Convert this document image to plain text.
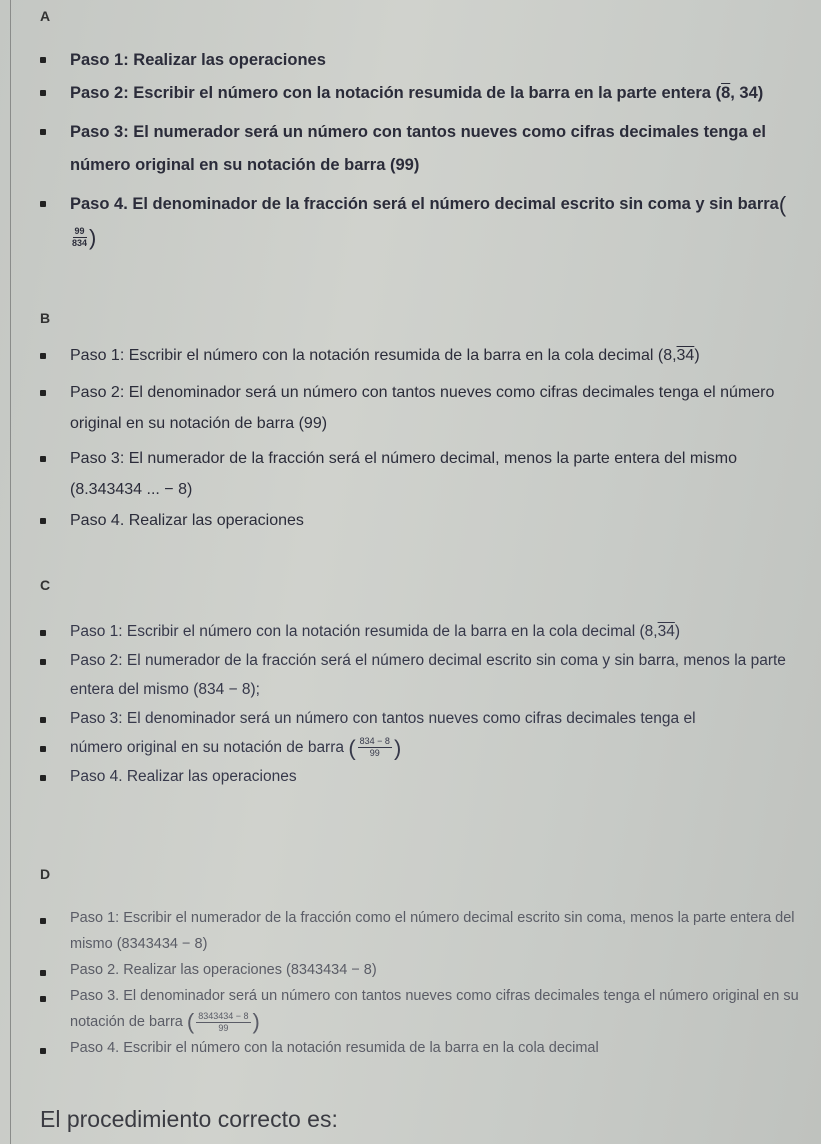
A
Paso 1: Realizar las operaciones
Paso 2: Escribir el número con la notación resumida de la barra en la parte entera (8, 34)
Paso 3: El numerador será un número con tantos nueves como cifras decimales tenga el número original en su notación de barra (99)
Paso 4. El denominador de la fracción será el número decimal escrito sin coma y sin barra(
$\frac{99}{834}$ )
B
Paso 1: Escribir el número con la notación resumida de la barra en la cola decimal (8,34)
Paso 2: El denominador será un número con tantos nueves como cifras decimales tenga el número original en su notación de barra (99)
Paso 3: El numerador de la fracción será el número decimal, menos la parte entera del mismo (8.343434 ... − 8)
Paso 4. Realizar las operaciones
C
Paso 1: Escribir el número con la notación resumida de la barra en la cola decimal (8,34)
Paso 2: El numerador de la fracción será el número decimal escrito sin coma y sin barra, menos la parte entera del mismo (834 − 8);
Paso 3: El denominador será un número con tantos nueves como cifras decimales tenga el
número original en su notación de barra ( $\frac{834 - 8}{99}$ )
Paso 4. Realizar las operaciones
D
Paso 1: Escribir el numerador de la fracción como el número decimal escrito sin coma, menos la parte entera del mismo (8343434 − 8)
Paso 2. Realizar las operaciones (8343434 − 8)
Paso 3. El denominador será un número con tantos nueves como cifras decimales tenga el número original en su notación de barra ( $\frac{8343434 - 8}{99}$ )
Paso 4. Escribir el número con la notación resumida de la barra en la cola decimal
El procedimiento correcto es:
